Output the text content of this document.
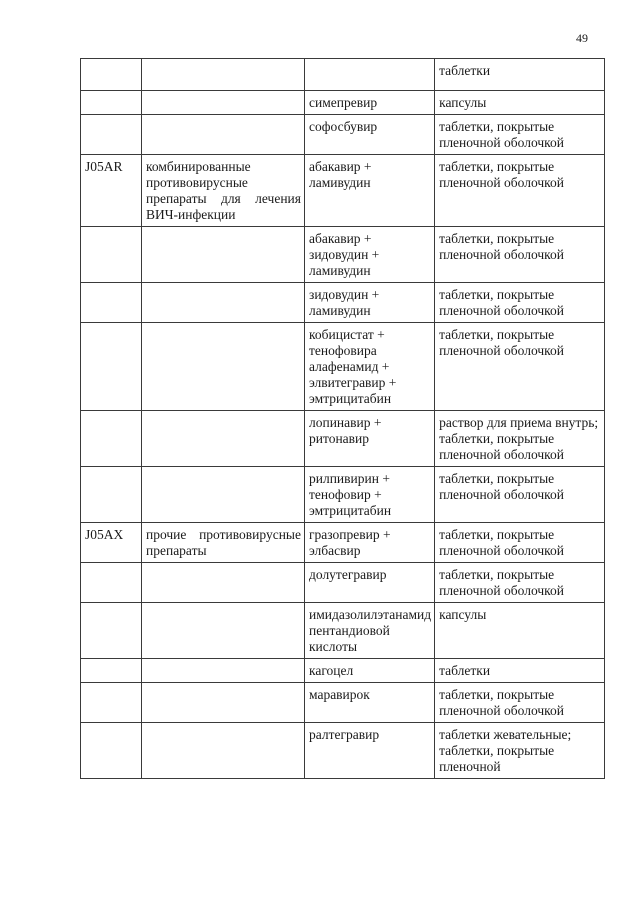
49
			таблетки
		симепревир	капсулы
		софосбувир	таблетки, покрытые пленочной оболочкой
J05AR	комбинированные противовирусные препараты для лечения ВИЧ-инфекции	абакавир + ламивудин	таблетки, покрытые пленочной оболочкой
		абакавир + зидовудин + ламивудин	таблетки, покрытые пленочной оболочкой
		зидовудин + ламивудин	таблетки, покрытые пленочной оболочкой
		кобицистат + тенофовира алафенамид + элвитегравир + эмтрицитабин	таблетки, покрытые пленочной оболочкой
		лопинавир + ритонавир	раствор для приема внутрь; таблетки, покрытые пленочной оболочкой
		рилпивирин + тенофовир + эмтрицитабин	таблетки, покрытые пленочной оболочкой
J05AX	прочие противовирусные препараты	гразопревир + элбасвир	таблетки, покрытые пленочной оболочкой
		долутегравир	таблетки, покрытые пленочной оболочкой
		имидазолилэтанамид пентандиовой кислоты	капсулы
		кагоцел	таблетки
		маравирок	таблетки, покрытые пленочной оболочкой
		ралтегравир	таблетки жевательные; таблетки, покрытые пленочной
